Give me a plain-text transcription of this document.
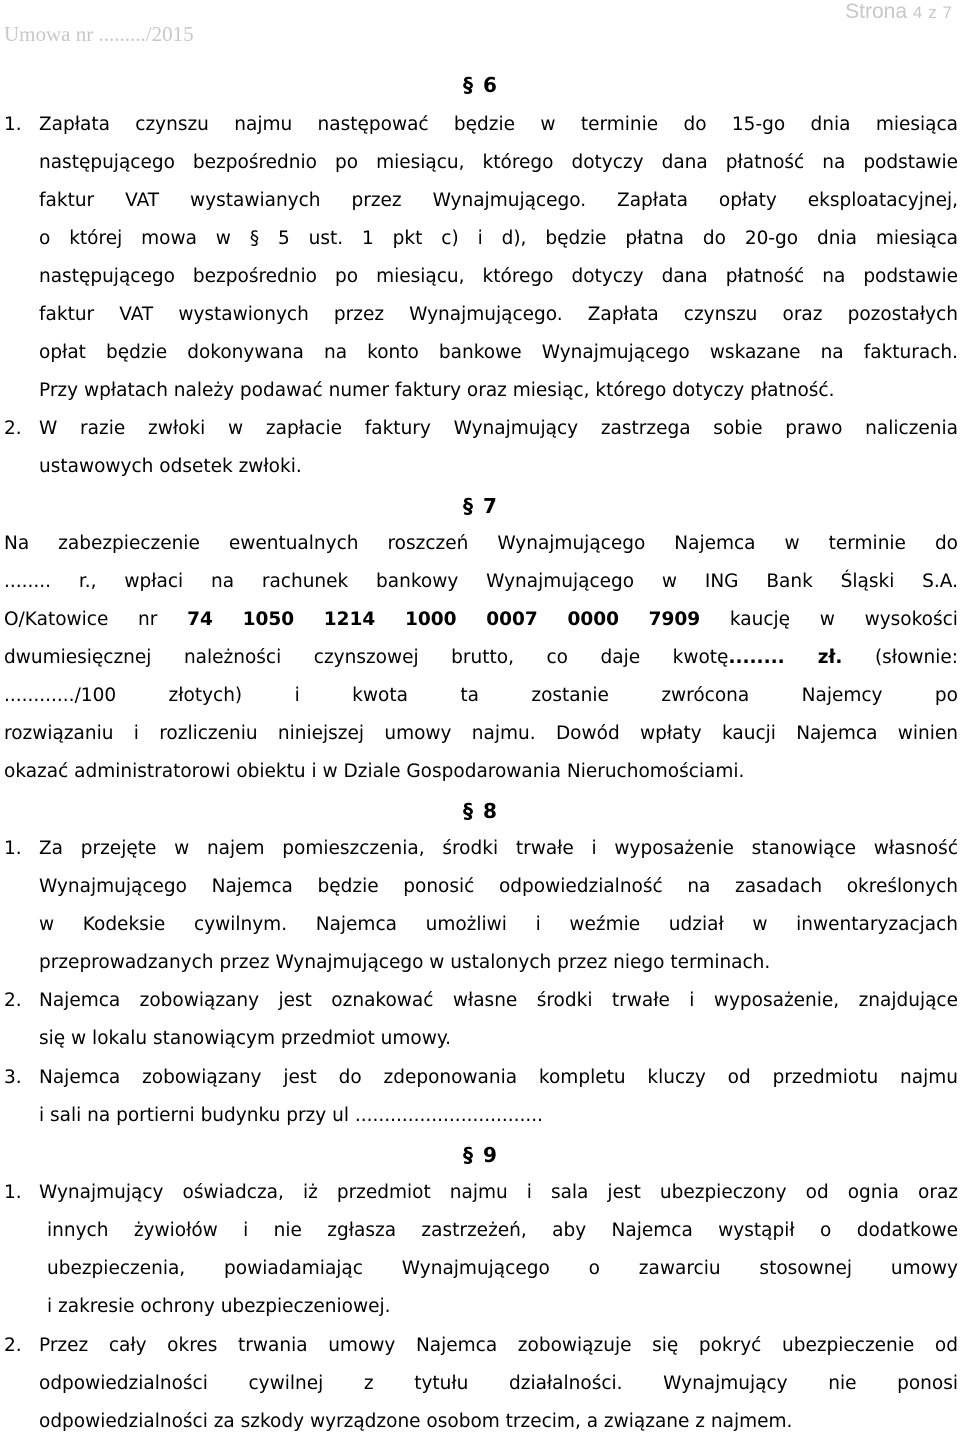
Umowa nr ........./2015
Strona 4 z 7
§ 6
1. Zapłata czynszu najmu następować będzie w terminie do 15-go dnia miesiąca
następującego bezpośrednio po miesiącu, którego dotyczy dana płatność na podstawie
faktur VAT wystawianych przez Wynajmującego. Zapłata opłaty eksploatacyjnej,
o której mowa w § 5 ust. 1 pkt c) i d), będzie płatna do 20-go dnia miesiąca
następującego bezpośrednio po miesiącu, którego dotyczy dana płatność na podstawie
faktur VAT wystawionych przez Wynajmującego. Zapłata czynszu oraz pozostałych
opłat będzie dokonywana na konto bankowe Wynajmującego wskazane na fakturach.
Przy wpłatach należy podawać numer faktury oraz miesiąc, którego dotyczy płatność.
2. W razie zwłoki w zapłacie faktury Wynajmujący zastrzega sobie prawo naliczenia
ustawowych odsetek zwłoki.
§ 7
Na zabezpieczenie ewentualnych roszczeń Wynajmującego Najemca w terminie do
........ r., wpłaci na rachunek bankowy Wynajmującego w ING Bank Śląski S.A.
O/Katowice nr 74 1050 1214 1000 0007 0000 7909 kaucję w wysokości
dwumiesięcznej należności czynszowej brutto, co daje kwotę........ zł. (słownie:
............/100 złotych) i kwota ta zostanie zwrócona Najemcy po
rozwiązaniu i rozliczeniu niniejszej umowy najmu. Dowód wpłaty kaucji Najemca winien
okazać administratorowi obiektu i w Dziale Gospodarowania Nieruchomościami.
§ 8
1. Za przejęte w najem pomieszczenia, środki trwałe i wyposażenie stanowiące własność
Wynajmującego Najemca będzie ponosić odpowiedzialność na zasadach określonych
w Kodeksie cywilnym. Najemca umożliwi i weźmie udział w inwentaryzacjach
przeprowadzanych przez Wynajmującego w ustalonych przez niego terminach.
2. Najemca zobowiązany jest oznakować własne środki trwałe i wyposażenie, znajdujące
się w lokalu stanowiącym przedmiot umowy.
3. Najemca zobowiązany jest do zdeponowania kompletu kluczy od przedmiotu najmu
i sali na portierni budynku przy ul ................................
§ 9
1. Wynajmujący oświadcza, iż przedmiot najmu i sala jest ubezpieczony od ognia oraz
innych żywiołów i nie zgłasza zastrzeżeń, aby Najemca wystąpił o dodatkowe
ubezpieczenia, powiadamiając Wynajmującego o zawarciu stosownej umowy
i zakresie ochrony ubezpieczeniowej.
2. Przez cały okres trwania umowy Najemca zobowiązuje się pokryć ubezpieczenie od
odpowiedzialności cywilnej z tytułu działalności. Wynajmujący nie ponosi
odpowiedzialności za szkody wyrządzone osobom trzecim, a związane z najmem.
